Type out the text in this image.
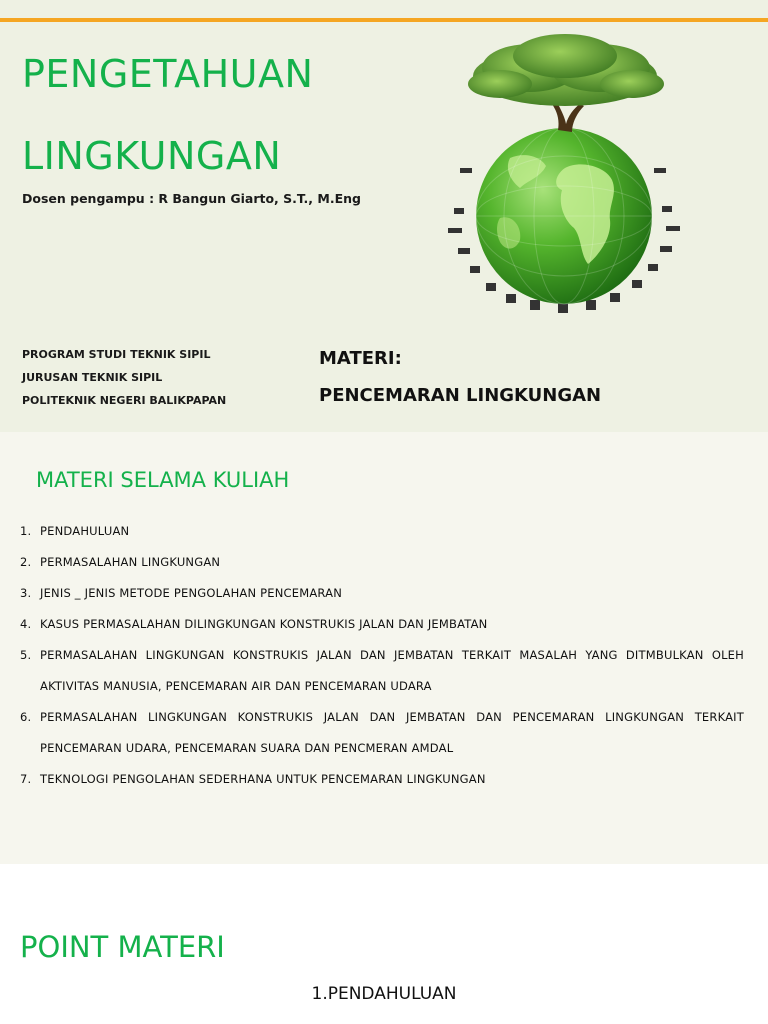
PENGETAHUAN
LINGKUNGAN
Dosen pengampu : R Bangun Giarto, S.T., M.Eng
PROGRAM STUDI TEKNIK SIPIL
JURUSAN TEKNIK SIPIL
POLITEKNIK NEGERI BALIKPAPAN
MATERI:
PENCEMARAN LINGKUNGAN
MATERI SELAMA KULIAH
1. PENDAHULUAN
2. PERMASALAHAN LINGKUNGAN
3. JENIS _ JENIS METODE PENGOLAHAN PENCEMARAN
4. KASUS PERMASALAHAN DILINGKUNGAN KONSTRUKIS JALAN DAN JEMBATAN
5. PERMASALAHAN LINGKUNGAN KONSTRUKIS JALAN DAN JEMBATAN TERKAIT MASALAH YANG DITMBULKAN OLEH AKTIVITAS MANUSIA, PENCEMARAN AIR DAN PENCEMARAN UDARA
6. PERMASALAHAN LINGKUNGAN KONSTRUKIS JALAN DAN JEMBATAN DAN PENCEMARAN LINGKUNGAN TERKAIT PENCEMARAN UDARA, PENCEMARAN SUARA DAN PENCMERAN AMDAL
7. TEKNOLOGI PENGOLAHAN SEDERHANA UNTUK PENCEMARAN LINGKUNGAN
POINT MATERI
1.PENDAHULUAN
